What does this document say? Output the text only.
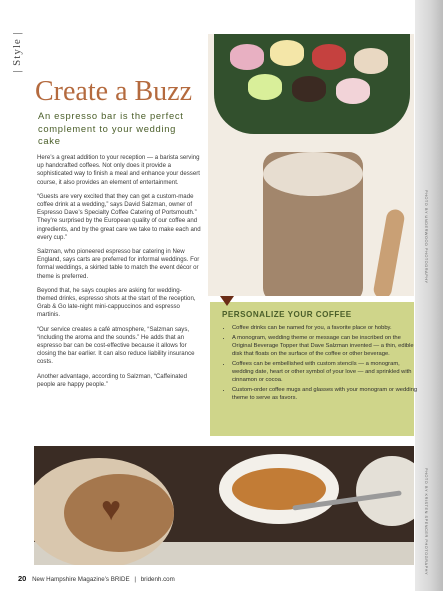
| Style |
Create a Buzz
An espresso bar is the perfect complement to your wedding cake

Here’s a great addition to your reception — a barista serving up handcrafted coffees. Not only does it provide a sophisticated way to finish a meal and enhance your dessert course, it also provides an element of entertainment.

“Guests are very excited that they can get a custom-made coffee drink at a wedding,” says David Salzman, owner of Espresso Dave’s Specialty Coffee Catering of Portsmouth.” They’re surprised by the European quality of our coffee and ingredients, and by the great care we take to make each and every cup.”

Salzman, who pioneered espresso bar catering in New England, says carts are preferred for informal weddings. For formal weddings, a skirted table to match the event décor or theme is preferred.

Beyond that, he says couples are asking for wedding-themed drinks, espresso shots at the start of the reception, Grab & Go late-night mini-cappuccinos and espresso martinis.

“Our service creates a café atmosphere, “Salzman says, “including the aroma and the sounds.” He adds that an espresso bar can be cost-effective because it allows for closing the bar earlier. It can also reduce liability insurance costs.

Another advantage, according to Salzman, “Caffeinated people are happy people.”

PHOTO BY UNDERWOOD PHOTOGRAPHY
PERSONALIZE YOUR COFFEE
• Coffee drinks can be named for you, a favorite place or hobby.
• A monogram, wedding theme or message can be inscribed on the Original Beverage Topper that Dave Salzman invented — a thin, edible disk that floats on the surface of the coffee or other beverage.
• Coffees can be embellished with custom stencils — a monogram, wedding date, heart or other symbol of your love — and sprinkled with cinnamon or cocoa.
• Custom-order coffee mugs and glasses with your monogram or wedding theme to serve as favors.
♥	PHOTO BY KRISTEN SPENCER PHOTOGRAPHY
20 New Hampshire Magazine’s BRIDE | bridenh.com
